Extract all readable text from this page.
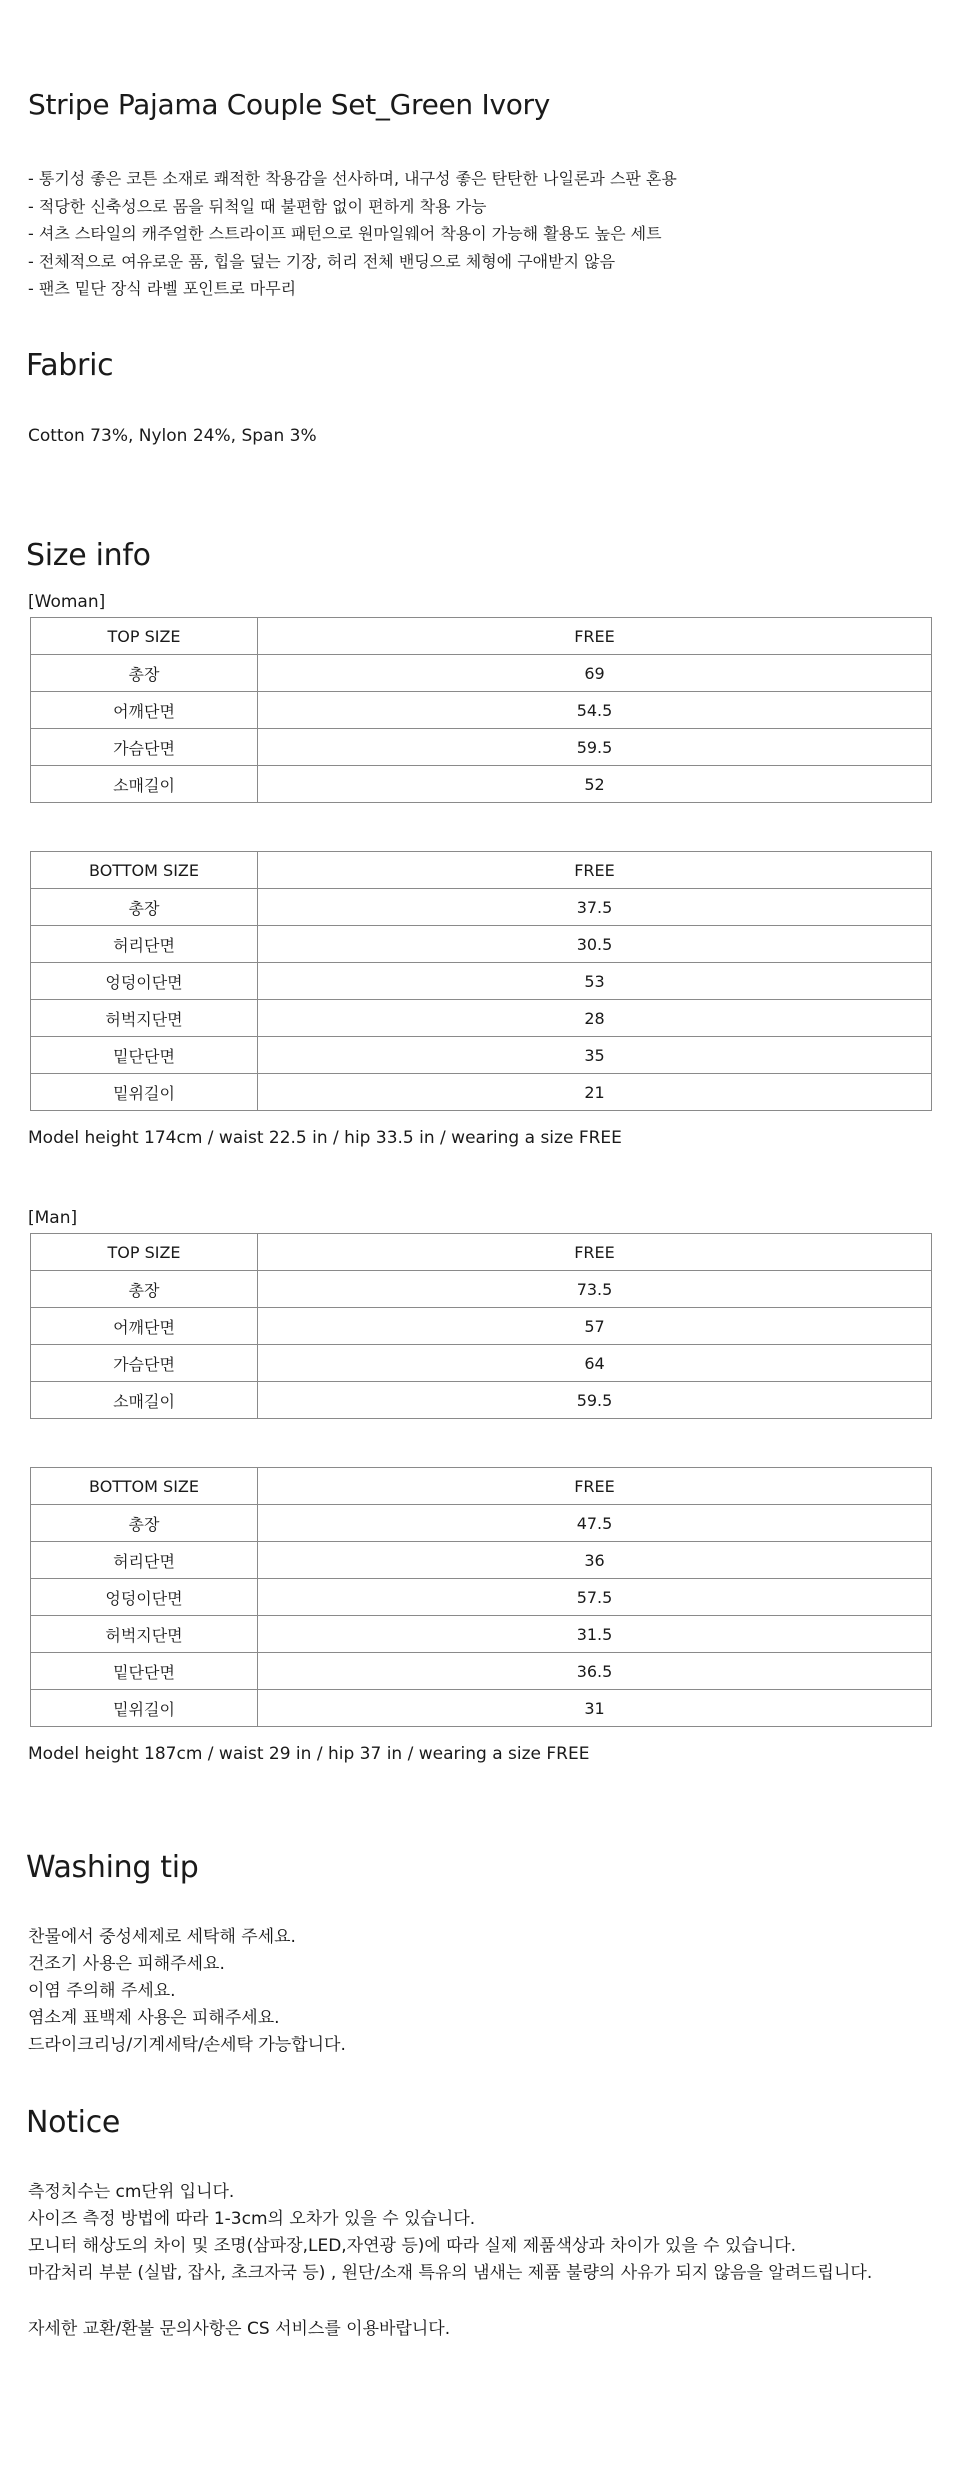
Stripe Pajama Couple Set_Green Ivory
- 통기성 좋은 코튼 소재로 쾌적한 착용감을 선사하며, 내구성 좋은 탄탄한 나일론과 스판 혼용
- 적당한 신축성으로 몸을 뒤척일 때 불편함 없이 편하게 착용 가능
- 셔츠 스타일의 캐주얼한 스트라이프 패턴으로 원마일웨어 착용이 가능해 활용도 높은 세트
- 전체적으로 여유로운 품, 힙을 덮는 기장, 허리 전체 밴딩으로 체형에 구애받지 않음
- 팬츠 밑단 장식 라벨 포인트로 마무리
Fabric
Cotton 73%, Nylon 24%, Span 3%
Size info
[Woman]
TOP SIZE	FREE
총장	69
어깨단면	54.5
가슴단면	59.5
소매길이	52
BOTTOM SIZE	FREE
총장	37.5
허리단면	30.5
엉덩이단면	53
허벅지단면	28
밑단단면	35
밑위길이	21
Model height 174cm / waist 22.5 in / hip 33.5 in / wearing a size FREE
[Man]
TOP SIZE	FREE
총장	73.5
어깨단면	57
가슴단면	64
소매길이	59.5
BOTTOM SIZE	FREE
총장	47.5
허리단면	36
엉덩이단면	57.5
허벅지단면	31.5
밑단단면	36.5
밑위길이	31
Model height 187cm / waist 29 in / hip 37 in / wearing a size FREE
Washing tip
찬물에서 중성세제로 세탁해 주세요.
건조기 사용은 피해주세요.
이염 주의해 주세요.
염소계 표백제 사용은 피해주세요.
드라이크리닝/기계세탁/손세탁 가능합니다.
Notice
측정치수는 cm단위 입니다.
사이즈 측정 방법에 따라 1-3cm의 오차가 있을 수 있습니다.
모니터 해상도의 차이 및 조명(삼파장,LED,자연광 등)에 따라 실제 제품색상과 차이가 있을 수 있습니다.
마감처리 부분 (실밥, 잡사, 초크자국 등) , 원단/소재 특유의 냄새는 제품 불량의 사유가 되지 않음을 알려드립니다.
자세한 교환/환불 문의사항은 CS 서비스를 이용바랍니다.
